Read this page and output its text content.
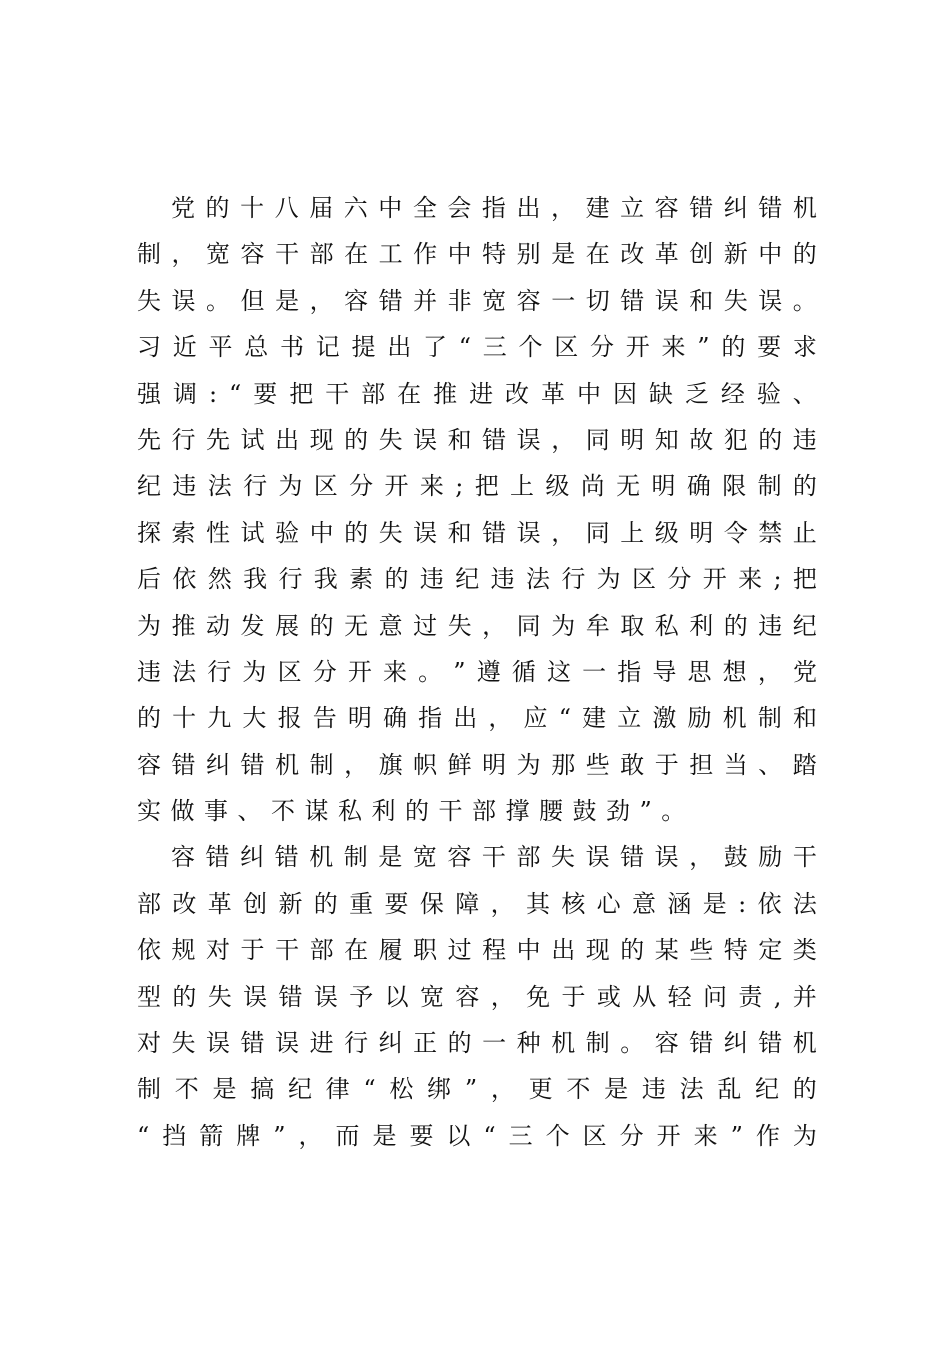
党 的 十 八 届 六 中 全 会 指 出 ， 建 立 容 错 纠 错 机
制 ， 宽 容 干 部 在 工 作 中 特 别 是 在 改 革 创 新 中 的
失 误 。 但 是 ， 容 错 并 非 宽 容 一 切 错 误 和 失 误 。
习 近 平 总 书 记 提 出 了 “ 三 个 区 分 开 来 ” 的 要 求
强 调 : “ 要 把 干 部 在 推 进 改 革 中 因 缺 乏 经 验 、
先 行 先 试 出 现 的 失 误 和 错 误 ， 同 明 知 故 犯 的 违
纪 违 法 行 为 区 分 开 来 ; 把 上 级 尚 无 明 确 限 制 的
探 索 性 试 验 中 的 失 误 和 错 误 ， 同 上 级 明 令 禁 止
后 依 然 我 行 我 素 的 违 纪 违 法 行 为 区 分 开 来 ; 把
为 推 动 发 展 的 无 意 过 失 ， 同 为 牟 取 私 利 的 违 纪
违 法 行 为 区 分 开 来 。 ” 遵 循 这 一 指 导 思 想 ， 党
的 十 九 大 报 告 明 确 指 出 ， 应 “ 建 立 激 励 机 制 和
容 错 纠 错 机 制 ， 旗 帜 鲜 明 为 那 些 敢 于 担 当 、 踏
实 做 事 、 不 谋 私 利 的 干 部 撑 腰 鼓 劲 ” 。
容 错 纠 错 机 制 是 宽 容 干 部 失 误 错 误 ， 鼓 励 干
部 改 革 创 新 的 重 要 保 障 ， 其 核 心 意 涵 是 : 依 法
依 规 对 于 干 部 在 履 职 过 程 中 出 现 的 某 些 特 定 类
型 的 失 误 错 误 予 以 宽 容 ， 免 于 或 从 轻 问 责 , 并
对 失 误 错 误 进 行 纠 正 的 一 种 机 制 。 容 错 纠 错 机
制 不 是 搞 纪 律 “ 松 绑 ” ， 更 不 是 违 法 乱 纪 的
“ 挡 箭 牌 ” ， 而 是 要 以 “ 三 个 区 分 开 来 ” 作 为
